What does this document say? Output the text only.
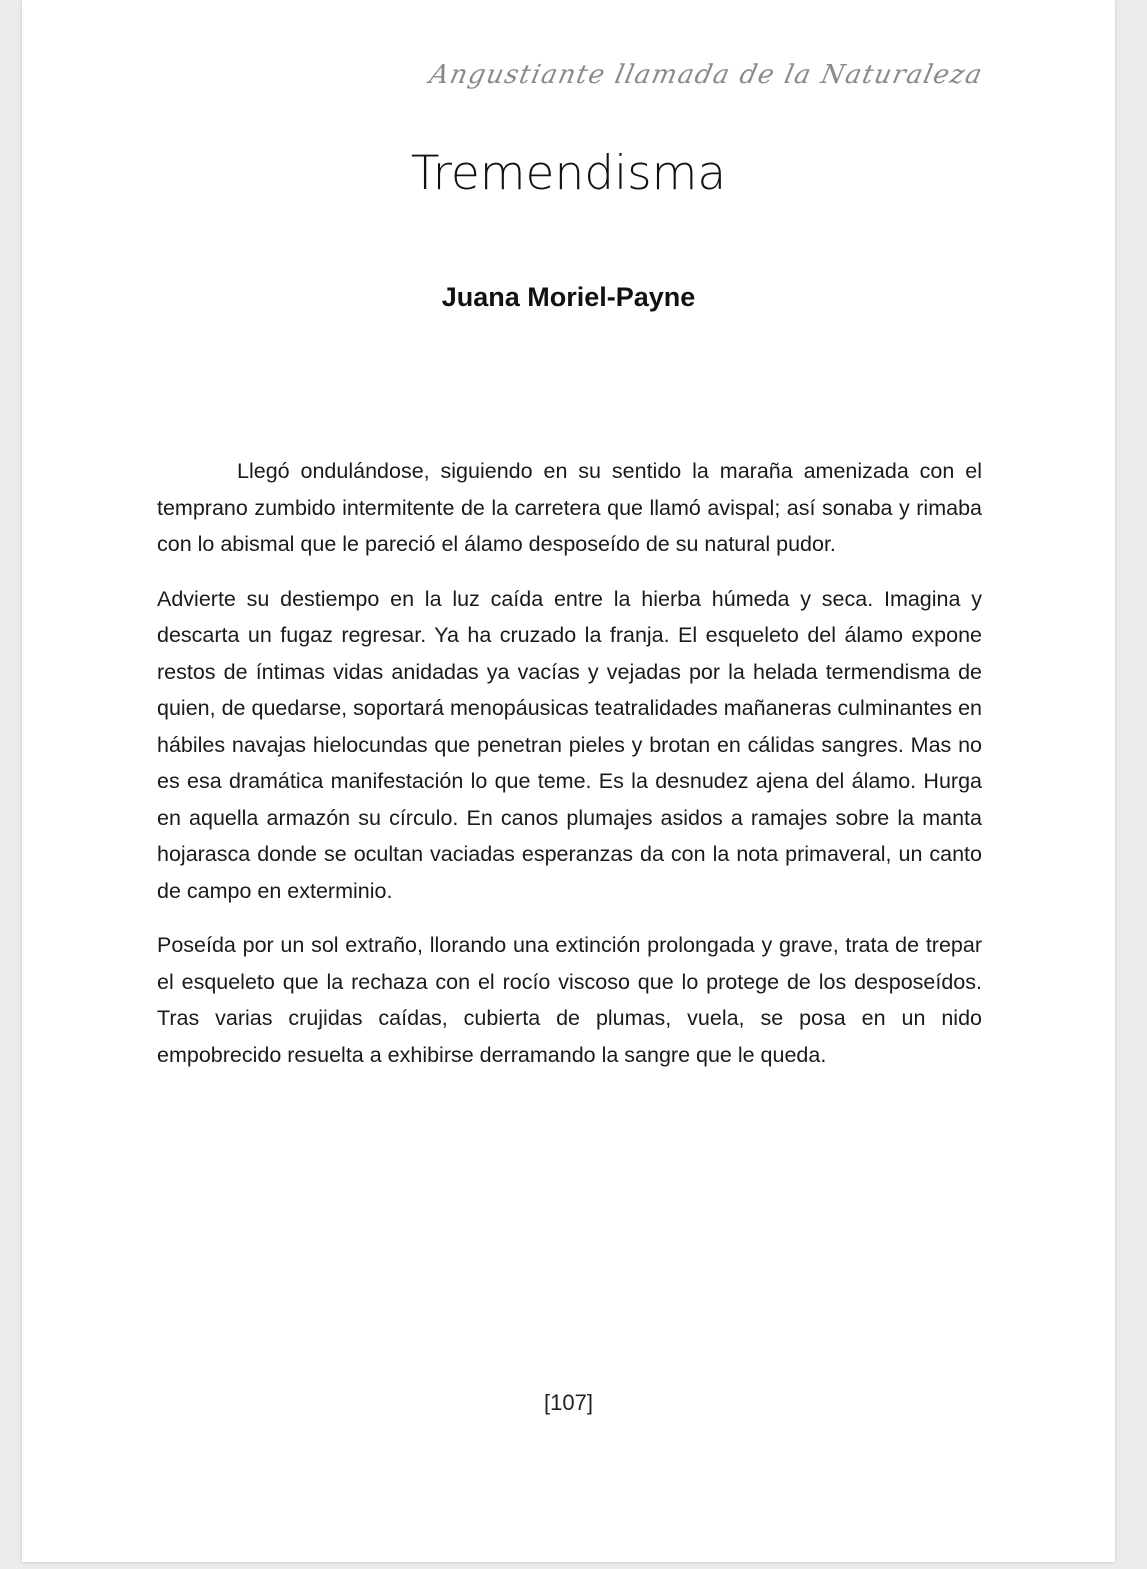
Angustiante llamada de la Naturaleza
Tremendisma
Juana Moriel-Payne

Llegó ondulándose, siguiendo en su sentido la maraña amenizada con el temprano zumbido intermitente de la carretera que llamó avispal; así sonaba y rimaba con lo abismal que le pareció el álamo desposeído de su natural pudor.

Advierte su destiempo en la luz caída entre la hierba húmeda y seca. Imagina y descarta un fugaz regresar. Ya ha cruzado la franja. El esqueleto del álamo expone restos de íntimas vidas anidadas ya vacías y vejadas por la helada termendisma de quien, de quedarse, soportará menopáusicas teatralidades mañaneras culminantes en hábiles navajas hielocundas que penetran pieles y brotan en cálidas sangres. Mas no es esa dramática manifestación lo que teme. Es la desnudez ajena del álamo. Hurga en aquella armazón su círculo. En canos plumajes asidos a ramajes sobre la manta hojarasca donde se ocultan vaciadas esperanzas da con la nota primaveral, un canto de campo en exterminio.

Poseída por un sol extraño, llorando una extinción prolongada y grave, trata de trepar el esqueleto que la rechaza con el rocío viscoso que lo protege de los desposeídos. Tras varias crujidas caídas, cubierta de plumas, vuela, se posa en un nido empobrecido resuelta a exhibirse derramando la sangre que le queda.

[107]
